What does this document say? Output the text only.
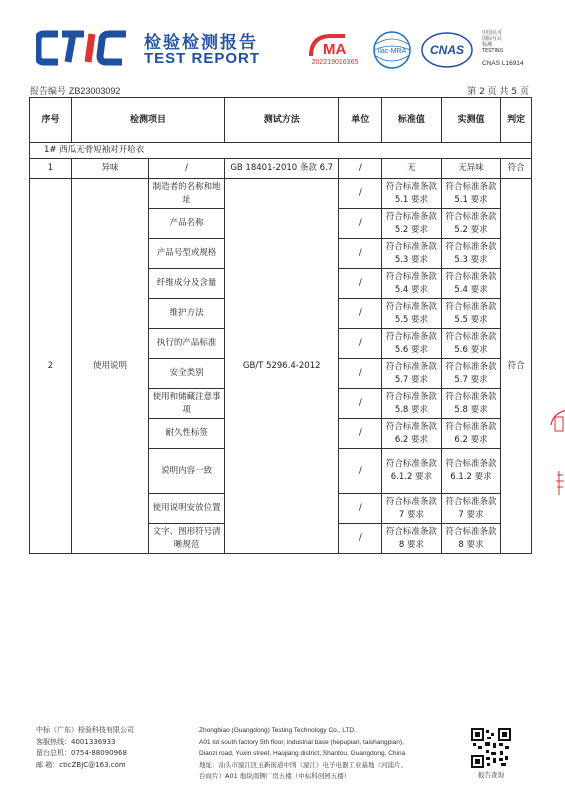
检验检测报告
TEST REPORT
MA
202219016365
ilac-MRA CNAS
中国认可
国际互认
检测
TESTING
CNAS L16914
报告编号 ZB23003092	第 2 页 共 5 页
序号	检测项目		测试方法	单位	标准值	实测值	判定
1# 西瓜无骨短袖对开哈衣							
1	异味	/	GB 18401-2010 条款 6.7	/	无	无异味	符合
2	使用说明	制造者的名称和地址	GB/T 5296.4-2012	/	符合标准条款 5.1 要求	符合标准条款 5.1 要求	符合
		产品名称		/	符合标准条款 5.2 要求	符合标准条款 5.2 要求	
		产品号型或规格		/	符合标准条款 5.3 要求	符合标准条款 5.3 要求	
		纤维成分及含量		/	符合标准条款 5.4 要求	符合标准条款 5.4 要求	
		维护方法		/	符合标准条款 5.5 要求	符合标准条款 5.5 要求	
		执行的产品标准		/	符合标准条款 5.6 要求	符合标准条款 5.6 要求	
		安全类别		/	符合标准条款 5.7 要求	符合标准条款 5.7 要求	
		使用和储藏注意事项		/	符合标准条款 5.8 要求	符合标准条款 5.8 要求	
		耐久性标签		/	符合标准条款 6.2 要求	符合标准条款 6.2 要求	
		说明内容一致		/	符合标准条款 6.1.2 要求	符合标准条款 6.1.2 要求	
		使用说明安放位置		/	符合标准条款 7 要求	符合标准条款 7 要求	
		文字、图形符号清晰规范		/	符合标准条款 8 要求	符合标准条款 8 要求	
中标（广东）检验科技有限公司
客服热线：4001336933
留台总机：0754-88090968
邮 箱：cticZBJC@163.com
Zhongbiao (Guangdong) Testing Technology Co., LTD.
A01 lot south factory 5th floor, industrial base (hepupian, taishangpian),
Dianzi road, Yuxin street, Haojiang district, Shantou, Guangdong, China
地址：汕头市濠江区玉新街道中国（濠江）电子电器工业基地（河浦片、
台商片）A01 地块南侧厂房五楼（中标科创园五楼）	报告查询
